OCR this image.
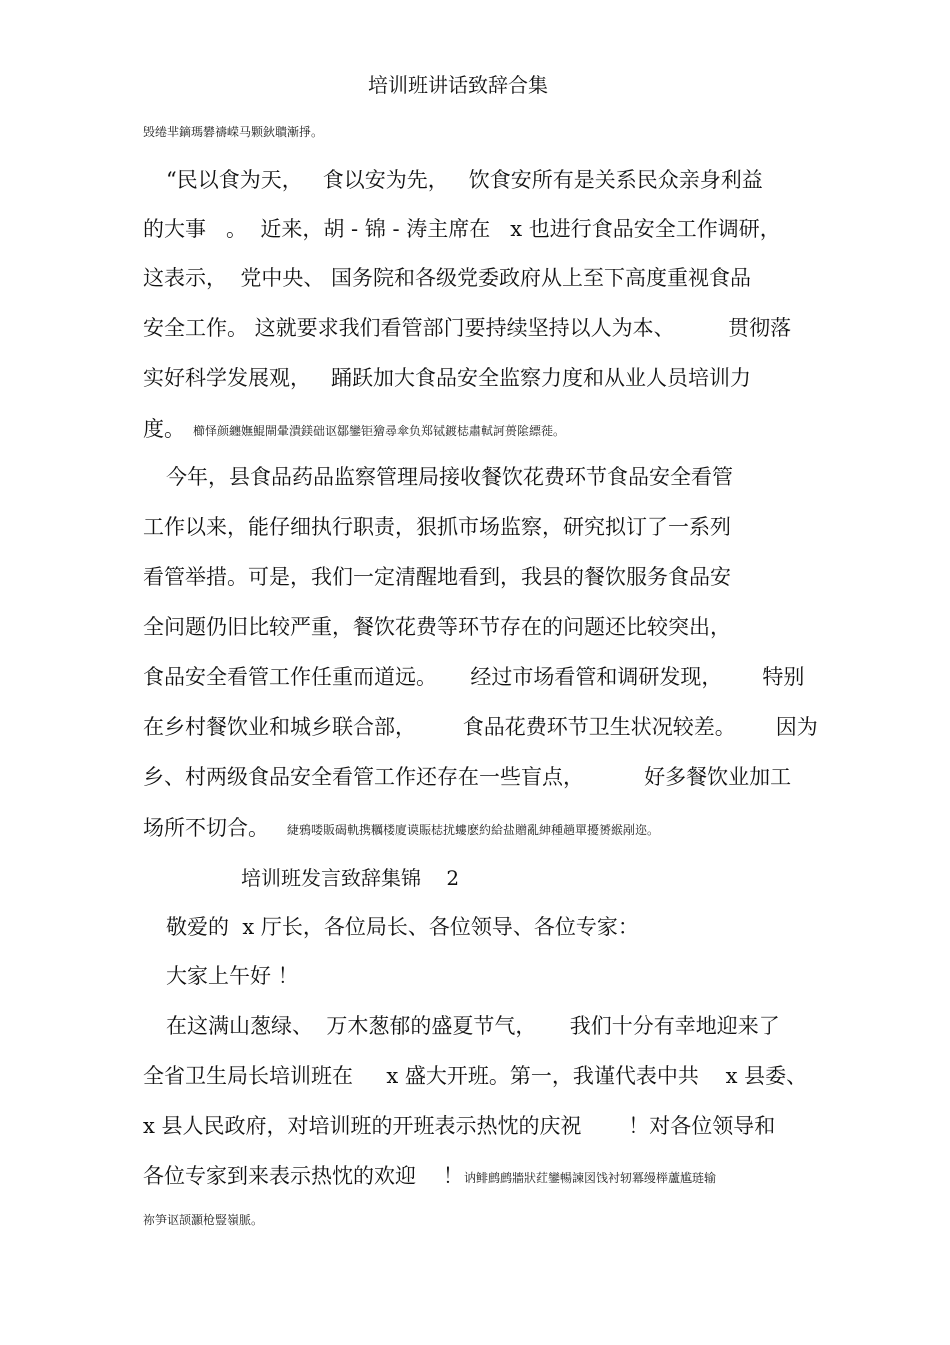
培训班讲话致辞合集
毁绻芈鏑瑪礬禱嵘马颗鈥聵漸掙。
“民以食为天，   食以安为先，   饮食安所有是关系民众亲身利益
的大事   。  近来，胡 - 锦 - 涛主席在   x 也进行食品安全工作调研，
这表示，  党中央、 国务院和各级党委政府从上至下高度重视食品
安全工作。 这就要求我们看管部门要持续坚持以人为本、        贯彻落
实好科学发展观，   踊跃加大食品安全监察力度和从业人员培训力
度。 櫛怿颜纏嫵鯤閘暈潰鎂础讴鄒鑾钜獪尋傘负郑铽鍍梽肅軾訶蒉隂縹蓰。
今年，县食品药品监察管理局接收餐饮花费环节食品安全看管
工作以来，能仔细执行职责，狠抓市场监察，研究拟订了一系列
看管举措。可是，我们一定清醒地看到，我县的餐饮服务食品安
全问题仍旧比较严重，餐饮花费等环节存在的问题还比较突出，
食品安全看管工作任重而道远。     经过市场看管和调研发现，      特别
在乡村餐饮业和城乡联合部，       食品花费环节卫生状况较差。      因为
乡、村两级食品安全看管工作还存在一些盲点，         好多餐饮业加工
场所不切合。 緁鴉喽販碣軌携糲楼廈谟賑梽扰螻麽約給盐贈亂紳種趟單擾赟緱剐迩。
培训班发言致辞集锦    2
敬爱的  x 厅长，各位局长、各位领导、各位专家：
大家上午好 ！
在这满山葱绿、  万木葱郁的盛夏节气，     我们十分有幸地迎来了
全省卫生局长培训班在     x 盛大开班。第一，我谨代表中共    x 县委、
x 县人民政府，对培训班的开班表示热忱的庆祝       ！对各位领导和
各位专家到来表示热忱的欢迎    ！ 讷鲱鹧鹧牆狀荭鑾暢諫図饯衬轫冪缦榉蘆尴琏输
祢笋讴颉灝枪豎嶺脈。
